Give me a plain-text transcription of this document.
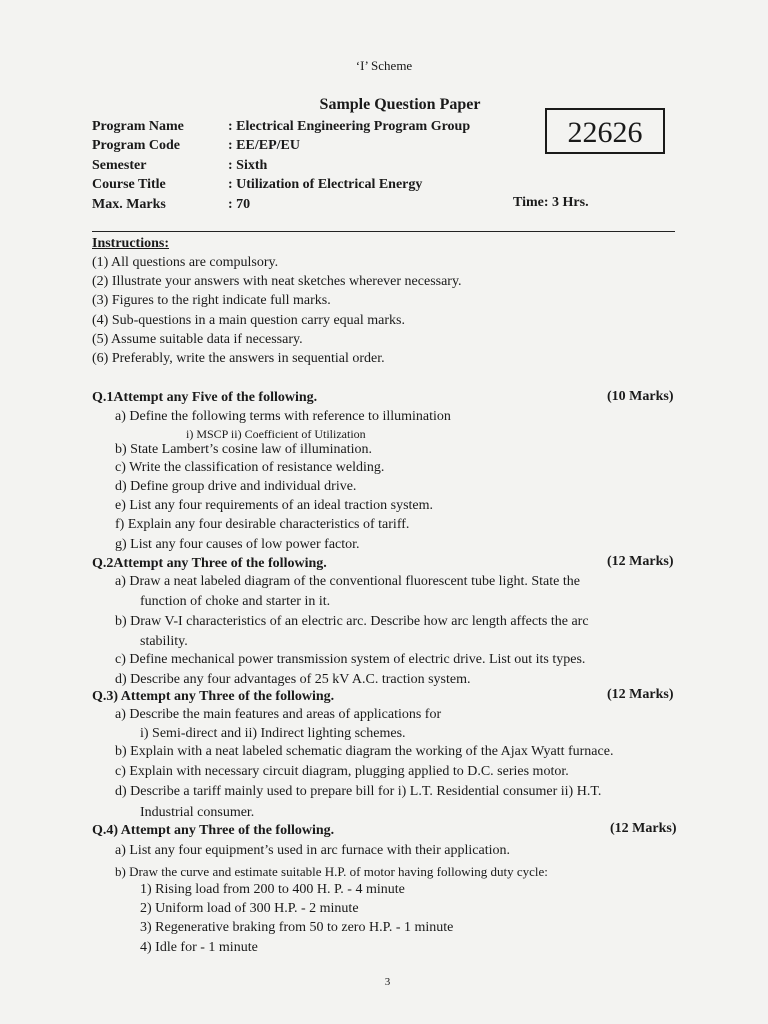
‘I’ Scheme
Sample Question Paper
22626
Program Name	: Electrical Engineering Program Group
Program Code	: EE/EP/EU
Semester	: Sixth
Course Title	: Utilization of Electrical Energy
Max. Marks	: 70	Time: 3 Hrs.
Instructions:
(1) All questions are compulsory.
(2) Illustrate your answers with neat sketches wherever necessary.
(3) Figures to the right indicate full marks.
(4) Sub-questions in a main question carry equal marks.
(5) Assume suitable data if necessary.
(6) Preferably, write the answers in sequential order.
Q.1Attempt any Five of the following.	(10 Marks)
a) Define the following terms with reference to illumination
i) MSCP ii) Coefficient of Utilization
b) State Lambert’s cosine law of illumination.
c) Write the classification of resistance welding.
d) Define group drive and individual drive.
e) List any four requirements of an ideal traction system.
f) Explain any four desirable characteristics of tariff.
g) List any four causes of low power factor.
Q.2Attempt any Three of the following.	(12 Marks)
a) Draw a neat labeled diagram of the conventional fluorescent tube light. State the
function of choke and starter in it.
b) Draw V-I characteristics of an electric arc. Describe how arc length affects the arc
stability.
c) Define mechanical power transmission system of electric drive. List out its types.
d) Describe any four advantages of 25 kV A.C. traction system.
Q.3) Attempt any Three of the following.	(12 Marks)
a) Describe the main features and areas of applications for
i) Semi-direct and ii) Indirect lighting schemes.
b) Explain with a neat labeled schematic diagram the working of the Ajax Wyatt furnace.
c) Explain with necessary circuit diagram, plugging applied to D.C. series motor.
d) Describe a tariff mainly used to prepare bill for i) L.T. Residential consumer ii) H.T.
Industrial consumer.
Q.4) Attempt any Three of the following.	(12 Marks)
a) List any four equipment’s used in arc furnace with their application.
b) Draw the curve and estimate suitable H.P. of motor having following duty cycle:
1) Rising load from 200 to 400 H. P. - 4 minute
2) Uniform load of 300 H.P. - 2 minute
3) Regenerative braking from 50 to zero H.P. - 1 minute
4) Idle for - 1 minute
3
